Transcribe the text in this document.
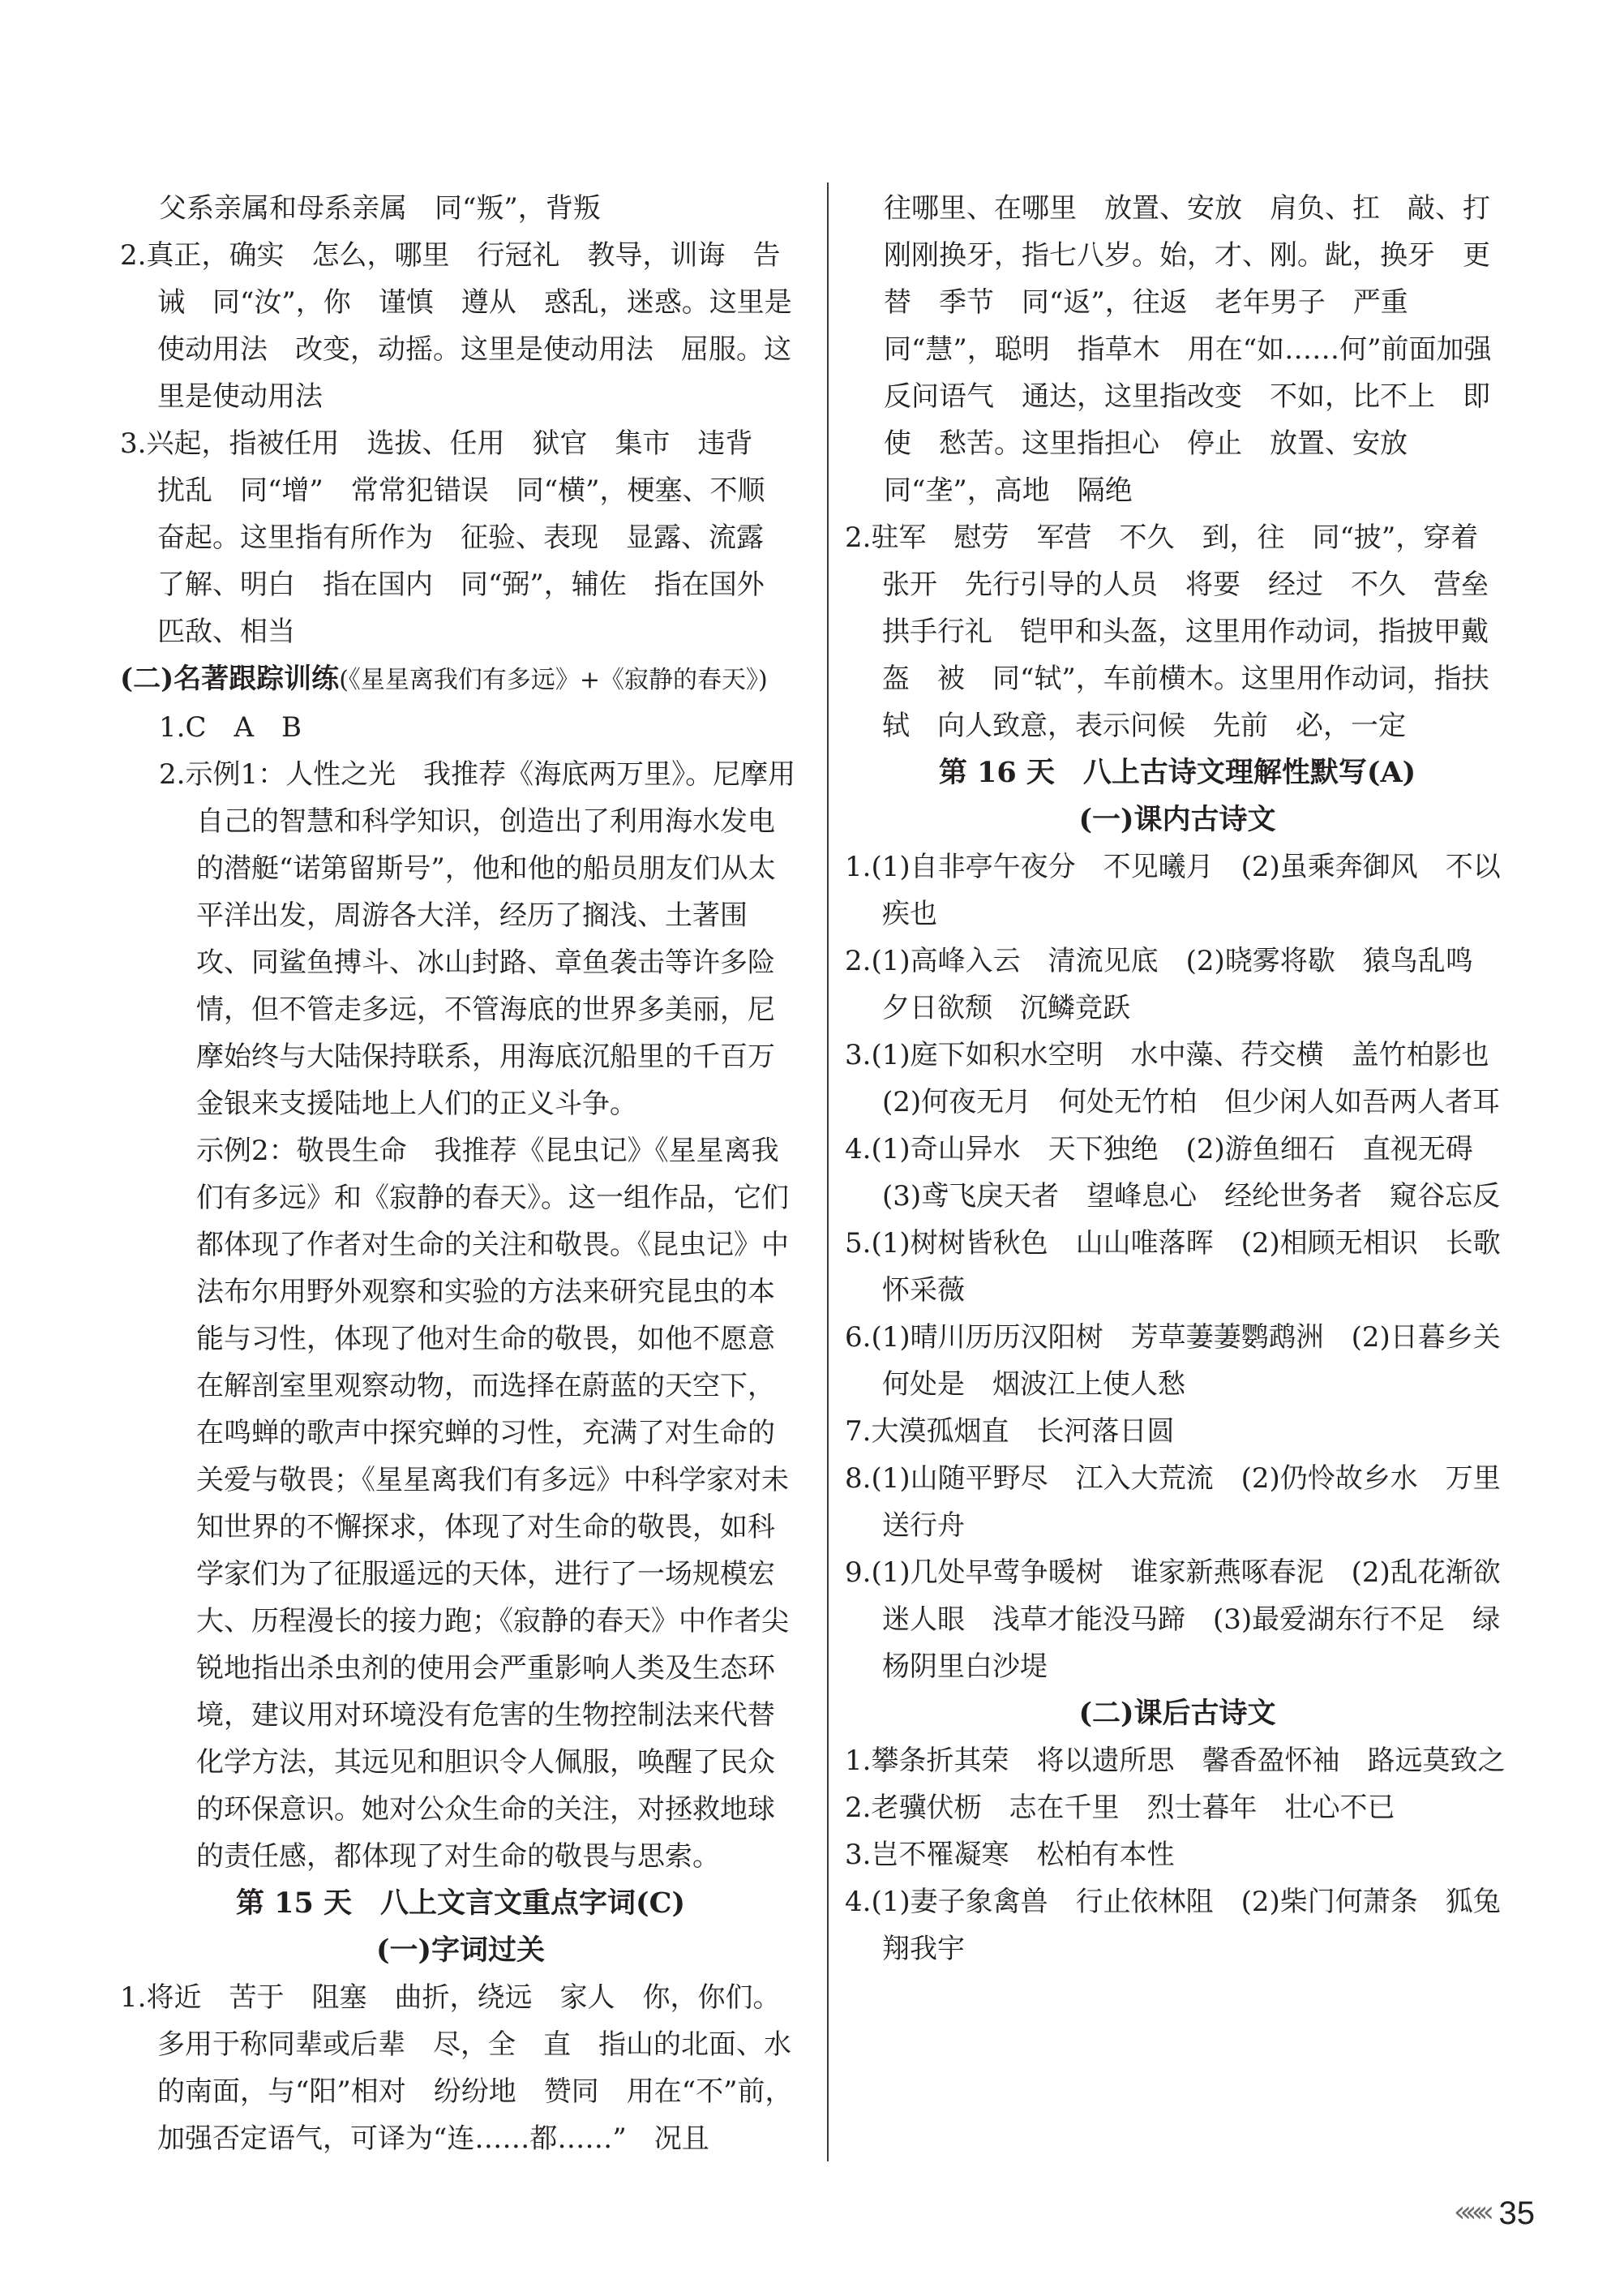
父系亲属和母系亲属　同“叛”，背叛

2.真正，确实　怎么，哪里　行冠礼　教导，训诲　告诫　同“汝”，你　谨慎　遵从　惑乱，迷惑。这里是使动用法　改变，动摇。这里是使动用法　屈服。这里是使动用法

3.兴起，指被任用　选拔、任用　狱官　集市　违背　扰乱　同“增”　常常犯错误　同“横”，梗塞、不顺　奋起。这里指有所作为　征验、表现　显露、流露　了解、明白　指在国内　同“弼”，辅佐　指在国外　匹敌、相当

(二)名著跟踪训练(《星星离我们有多远》+《寂静的春天》)

1.C　A　B

2.示例1：人性之光　我推荐《海底两万里》。尼摩用自己的智慧和科学知识，创造出了利用海水发电的潜艇“诺第留斯号”，他和他的船员朋友们从太平洋出发，周游各大洋，经历了搁浅、土著围攻、同鲨鱼搏斗、冰山封路、章鱼袭击等许多险情，但不管走多远，不管海底的世界多美丽，尼摩始终与大陆保持联系，用海底沉船里的千百万金银来支援陆地上人们的正义斗争。

示例2：敬畏生命　我推荐《昆虫记》《星星离我们有多远》和《寂静的春天》。这一组作品，它们都体现了作者对生命的关注和敬畏。《昆虫记》中法布尔用野外观察和实验的方法来研究昆虫的本能与习性，体现了他对生命的敬畏，如他不愿意在解剖室里观察动物，而选择在蔚蓝的天空下，在鸣蝉的歌声中探究蝉的习性，充满了对生命的关爱与敬畏；《星星离我们有多远》中科学家对未知世界的不懈探求，体现了对生命的敬畏，如科学家们为了征服遥远的天体，进行了一场规模宏大、历程漫长的接力跑；《寂静的春天》中作者尖锐地指出杀虫剂的使用会严重影响人类及生态环境，建议用对环境没有危害的生物控制法来代替化学方法，其远见和胆识令人佩服，唤醒了民众的环保意识。她对公众生命的关注，对拯救地球的责任感，都体现了对生命的敬畏与思索。

第 15 天　八上文言文重点字词(C)

(一)字词过关

1.将近　苦于　阻塞　曲折，绕远　家人　你，你们。多用于称同辈或后辈　尽，全　直　指山的北面、水的南面，与“阳”相对　纷纷地　赞同　用在“不”前，加强否定语气，可译为“连……都……”　况且

往哪里、在哪里　放置、安放　肩负、扛　敲、打　刚刚换牙，指七八岁。始，才、刚。龀，换牙　更替　季节　同“返”，往返　老年男子　严重　同“慧”，聪明　指草木　用在“如……何”前面加强反问语气　通达，这里指改变　不如，比不上　即使　愁苦。这里指担心　停止　放置、安放　同“垄”，高地　隔绝

2.驻军　慰劳　军营　不久　到，往　同“披”，穿着　张开　先行引导的人员　将要　经过　不久　营垒　拱手行礼　铠甲和头盔，这里用作动词，指披甲戴盔　被　同“轼”，车前横木。这里用作动词，指扶轼　向人致意，表示问候　先前　必，一定

第 16 天　八上古诗文理解性默写(A)

(一)课内古诗文

1.(1)自非亭午夜分　不见曦月　(2)虽乘奔御风　不以疾也

2.(1)高峰入云　清流见底　(2)晓雾将歇　猿鸟乱鸣　夕日欲颓　沉鳞竞跃

3.(1)庭下如积水空明　水中藻、荇交横　盖竹柏影也　(2)何夜无月　何处无竹柏　但少闲人如吾两人者耳

4.(1)奇山异水　天下独绝　(2)游鱼细石　直视无碍　(3)鸢飞戾天者　望峰息心　经纶世务者　窥谷忘反

5.(1)树树皆秋色　山山唯落晖　(2)相顾无相识　长歌怀采薇

6.(1)晴川历历汉阳树　芳草萋萋鹦鹉洲　(2)日暮乡关何处是　烟波江上使人愁

7.大漠孤烟直　长河落日圆

8.(1)山随平野尽　江入大荒流　(2)仍怜故乡水　万里送行舟

9.(1)几处早莺争暖树　谁家新燕啄春泥　(2)乱花渐欲迷人眼　浅草才能没马蹄　(3)最爱湖东行不足　绿杨阴里白沙堤

(二)课后古诗文

1.攀条折其荣　将以遗所思　馨香盈怀袖　路远莫致之

2.老骥伏枥　志在千里　烈士暮年　壮心不已

3.岂不罹凝寒　松柏有本性

4.(1)妻子象禽兽　行止依林阻　(2)柴门何萧条　狐兔翔我宇

««« 35
